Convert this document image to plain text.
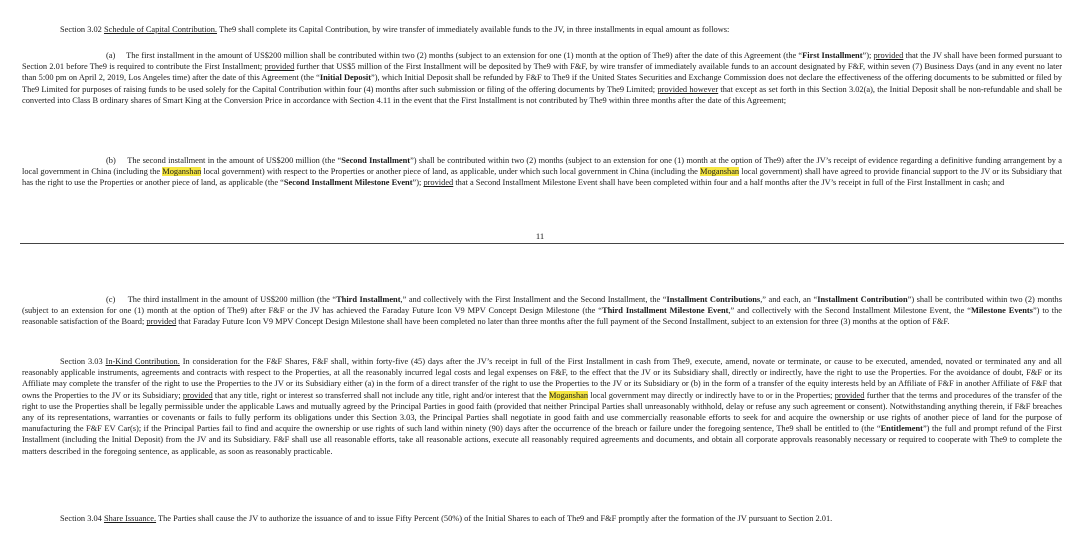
Section 3.02 Schedule of Capital Contribution. The9 shall complete its Capital Contribution, by wire transfer of immediately available funds to the JV, in three installments in equal amount as follows:
(a)     The first installment in the amount of US$200 million shall be contributed within two (2) months (subject to an extension for one (1) month at the option of The9) after the date of this Agreement (the “First Installment”); provided that the JV shall have been formed pursuant to Section 2.01 before The9 is required to contribute the First Installment; provided further that US$5 million of the First Installment will be deposited by The9 with F&F, by wire transfer of immediately available funds to an account designated by F&F, within seven (7) Business Days (and in any event no later than 5:00 pm on April 2, 2019, Los Angeles time) after the date of this Agreement (the “Initial Deposit”), which Initial Deposit shall be refunded by F&F to The9 if the United States Securities and Exchange Commission does not declare the effectiveness of the offering documents to be submitted or filed by The9 Limited for purposes of raising funds to be used solely for the Capital Contribution within four (4) months after such submission or filing of the offering documents by The9 Limited; provided however that except as set forth in this Section 3.02(a), the Initial Deposit shall be non-refundable and shall be converted into Class B ordinary shares of Smart King at the Conversion Price in accordance with Section 4.11 in the event that the First Installment is not contributed by The9 within three months after the date of this Agreement;
(b)     The second installment in the amount of US$200 million (the “Second Installment”) shall be contributed within two (2) months (subject to an extension for one (1) month at the option of The9) after the JV’s receipt of evidence regarding a definitive funding arrangement by a local government in China (including the Moganshan local government) with respect to the Properties or another piece of land, as applicable, under which such local government in China (including the Moganshan local government) shall have agreed to provide financial support to the JV or its Subsidiary that has the right to use the Properties or another piece of land, as applicable (the “Second Installment Milestone Event”); provided that a Second Installment Milestone Event shall have been completed within four and a half months after the JV’s receipt in full of the First Installment in cash; and
11
(c)     The third installment in the amount of US$200 million (the “Third Installment,” and collectively with the First Installment and the Second Installment, the “Installment Contributions,” and each, an “Installment Contribution”) shall be contributed within two (2) months (subject to an extension for one (1) month at the option of The9) after F&F or the JV has achieved the Faraday Future Icon V9 MPV Concept Design Milestone (the “Third Installment Milestone Event,” and collectively with the Second Installment Milestone Event, the “Milestone Events”) to the reasonable satisfaction of the Board; provided that Faraday Future Icon V9 MPV Concept Design Milestone shall have been completed no later than three months after the full payment of the Second Installment, subject to an extension for three (3) months at the option of F&F.
Section 3.03 In-Kind Contribution. In consideration for the F&F Shares, F&F shall, within forty-five (45) days after the JV’s receipt in full of the First Installment in cash from The9, execute, amend, novate or terminate, or cause to be executed, amended, novated or terminated any and all reasonably applicable instruments, agreements and contracts with respect to the Properties, at all the reasonably incurred legal costs and legal expenses on F&F, to the effect that the JV or its Subsidiary shall, directly or indirectly, have the right to use the Properties. For the avoidance of doubt, F&F or its Affiliate may complete the transfer of the right to use the Properties to the JV or its Subsidiary either (a) in the form of a direct transfer of the right to use the Properties to the JV or its Subsidiary or (b) in the form of a transfer of the equity interests held by an Affiliate of F&F in another Affiliate of F&F that owns the Properties to the JV or its Subsidiary; provided that any title, right or interest so transferred shall not include any title, right and/or interest that the Moganshan local government may directly or indirectly have to or in the Properties; provided further that the terms and procedures of the transfer of the right to use the Properties shall be legally permissible under the applicable Laws and mutually agreed by the Principal Parties in good faith (provided that neither Principal Parties shall unreasonably withhold, delay or refuse any such agreement or consent). Notwithstanding anything therein, if F&F breaches any of its representations, warranties or covenants or fails to fully perform its obligations under this Section 3.03, the Principal Parties shall negotiate in good faith and use commercially reasonable efforts to seek for and acquire the ownership or use rights of another piece of land for the purpose of manufacturing the F&F EV Car(s); if the Principal Parties fail to find and acquire the ownership or use rights of such land within ninety (90) days after the occurrence of the breach or failure under the foregoing sentence, The9 shall be entitled to (the “Entitlement”) the full and prompt refund of the First Installment (including the Initial Deposit) from the JV and its Subsidiary. F&F shall use all reasonable efforts, take all reasonable actions, execute all reasonably required agreements and documents, and obtain all corporate approvals reasonably necessary or required to cooperate with The9 to complete the matters described in the foregoing sentence, as applicable, as soon as reasonably practicable.
Section 3.04 Share Issuance. The Parties shall cause the JV to authorize the issuance of and to issue Fifty Percent (50%) of the Initial Shares to each of The9 and F&F promptly after the formation of the JV pursuant to Section 2.01.
